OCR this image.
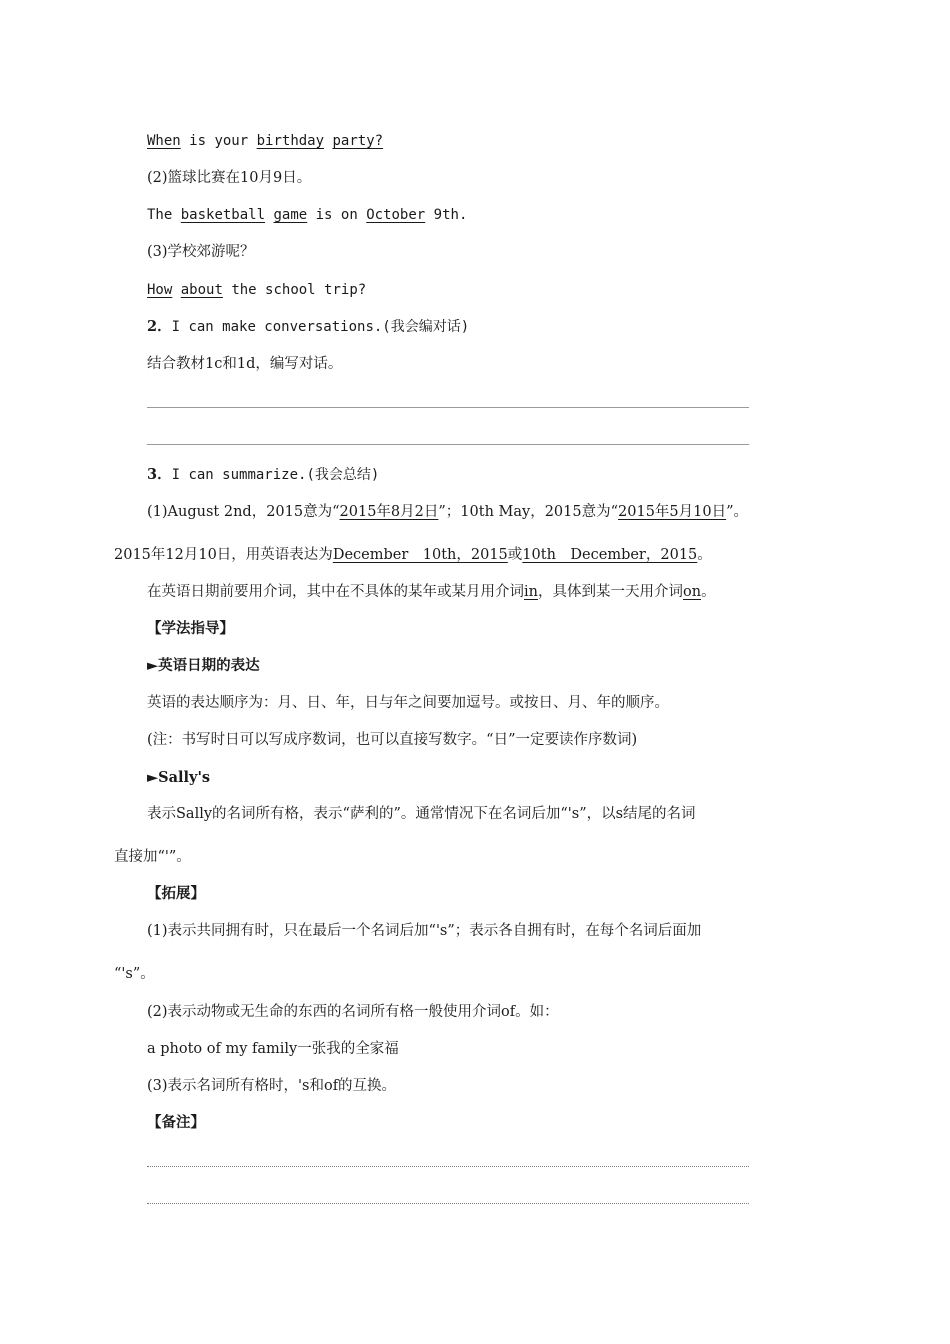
When is your birthday party?
(2)篮球比赛在10月9日。
The basketball game is on October 9th.
(3)学校郊游呢？
How about the school trip?
2．I can make conversations.(我会编对话)
结合教材1c和1d，编写对话。
3．I can summarize.(我会总结)
(1)August 2nd，2015意为“2015年8月2日”；10th May，2015意为“2015年5月10日”。
2015年12月10日，用英语表达为December　10th，2015或10th　December，2015。
在英语日期前要用介词，其中在不具体的某年或某月用介词in，具体到某一天用介词on。
【学法指导】
►英语日期的表达
英语的表达顺序为：月、日、年，日与年之间要加逗号。或按日、月、年的顺序。
(注：书写时日可以写成序数词，也可以直接写数字。“日”一定要读作序数词)
►Sally's
表示Sally的名词所有格，表示“萨利的”。通常情况下在名词后加“'s”，以s结尾的名词
直接加“'”。
【拓展】
(1)表示共同拥有时，只在最后一个名词后加“'s”；表示各自拥有时，在每个名词后面加
“'s”。
(2)表示动物或无生命的东西的名词所有格一般使用介词of。如：
a photo of my family一张我的全家福
(3)表示名词所有格时，'s和of的互换。
【备注】
